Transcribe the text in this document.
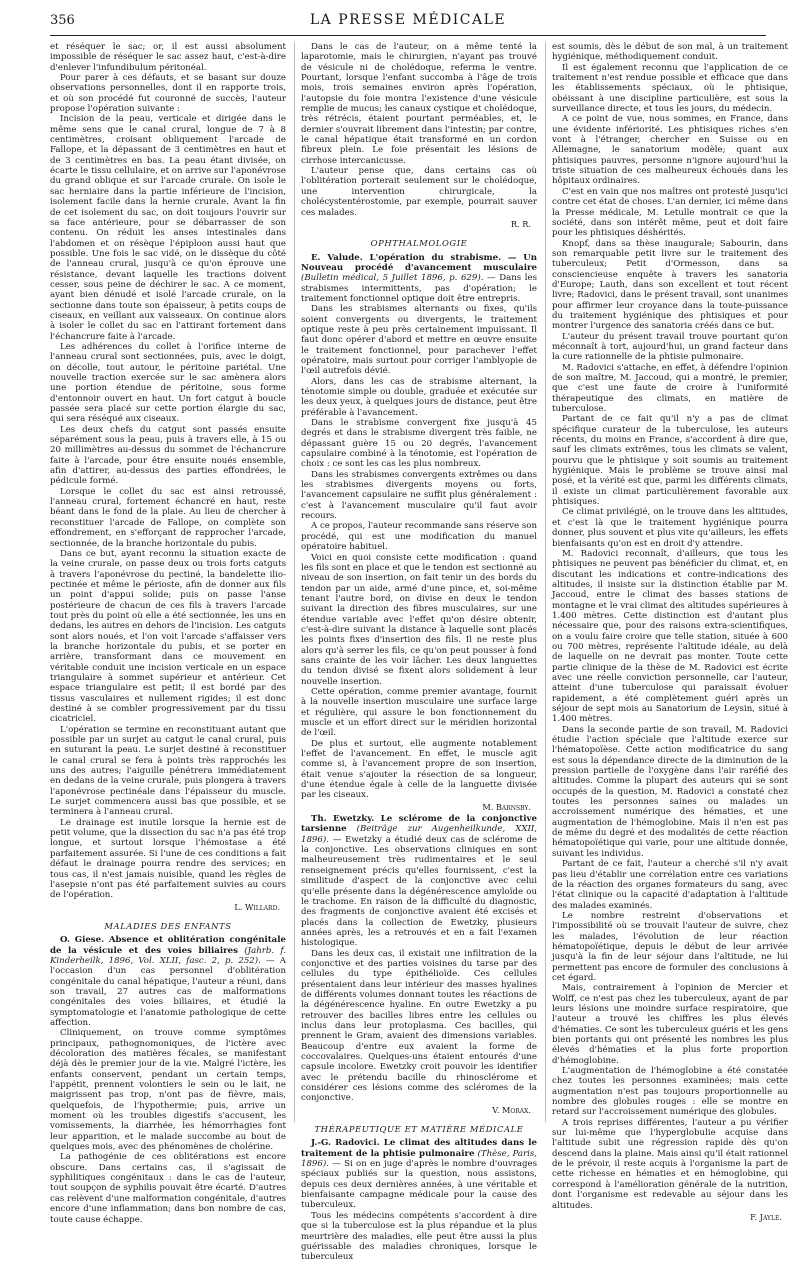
356	LA PRESSE MÉDICALE

et réséquer le sac; or, il est aussi absolument impossible de réséquer le sac assez haut, c'est-à-dire d'enlever l'infundibulum péritonéal.

Pour parer à ces défauts, et se basant sur douze observations personnelles, dont il en rapporte trois, et où son procédé fut couronné de succès, l'auteur propose l'opération suivante :

Incision de la peau, verticale et dirigée dans le même sens que le canal crural, longue de 7 à 8 centimètres, croisant obliquement l'arcade de Fallope, et la dépassant de 3 centimètres en haut et de 3 centimètres en bas. La peau étant divisée, on écarte le tissu cellulaire, et on arrive sur l'aponévrose du grand oblique et sur l'arcade crurale. On isole le sac herniaire dans la partie inférieure de l'incision, isolement facile dans la hernie crurale. Avant la fin de cet isolement du sac, on doit toujours l'ouvrir sur sa face antérieure, pour se débarrasser de son contenu. On réduit les anses intestinales dans l'abdomen et on résèque l'épiploon aussi haut que possible. Une fois le sac vidé, on le dissèque du côté de l'anneau crural, jusqu'à ce qu'on éprouve une résistance, devant laquelle les tractions doivent cesser, sous peine de déchirer le sac. A ce moment, ayant bien dénudé et isolé l'arcade crurale, on la sectionne dans toute son épaisseur, à petits coups de ciseaux, en veillant aux vaisseaux. On continue alors à isoler le collet du sac en l'attirant fortement dans l'échancrure faite à l'arcade.

Les adhérences du collet à l'orifice interne de l'anneau crural sont sectionnées, puis, avec le doigt, on décolle, tout autour, le péritoine pariétal. Une nouvelle traction exercée sur le sac amènera alors une portion étendue de péritoine, sous forme d'entonnoir ouvert en haut. Un fort catgut à boucle passée sera placé sur cette portion élargie du sac, qui sera réséqué aux ciseaux.

Les deux chefs du catgut sont passés ensuite séparément sous la peau, puis à travers elle, à 15 ou 20 millimètres au-dessus du sommet de l'échancrure faite à l'arcade, pour être ensuite noués ensemble, afin d'attirer, au-dessus des parties effondrées, le pédicule formé.

Lorsque le collet du sac est ainsi retroussé, l'anneau crural, fortement échancré en haut, reste béant dans le fond de la plaie. Au lieu de chercher à reconstituer l'arcade de Fallope, on complète son effondrement, en s'efforçant de rapprocher l'arcade, sectionnée, de la branche horizontale du pubis.

Dans ce but, ayant reconnu la situation exacte de la veine crurale, on passe deux ou trois forts catguts à travers l'aponévrose du pectiné, la bandelette ilio-pectinée et même le périoste, afin de donner aux fils un point d'appui solide; puis on passe l'anse postérieure de chacun de ces fils à travers l'arcade tout près du point où elle a été sectionnée, les uns en dedans, les autres en dehors de l'incision. Les catguts sont alors noués, et l'on voit l'arcade s'affaisser vers la branche horizontale du pubis, et se porter en arrière, transformant dans ce mouvement en véritable conduit une incision verticale en un espace triangulaire à sommet supérieur et antérieur. Cet espace triangulaire est petit; il est bordé par des tissus vasculaires et nullement rigides; il est donc destiné à se combler progressivement par du tissu cicatriciel.

L'opération se termine en reconstituant autant que possible par un surjet au catgut le canal crural, puis en suturant la peau. Le surjet destiné à reconstituer le canal crural se fera à points très rapprochés les uns des autres; l'aiguille pénétrera immédiatement en dedans de la veine crurale, puis plongera à travers l'aponévrose pectinéale dans l'épaisseur du muscle. Le surjet commencera aussi bas que possible, et se terminera à l'anneau crural.

Le drainage est inutile lorsque la hernie est de petit volume, que la dissection du sac n'a pas été trop longue, et surtout lorsque l'hémostase a été parfaitement assurée. Si l'une de ces conditions a fait défaut le drainage pourra rendre des services; en tous cas, il n'est jamais nuisible, quand les règles de l'asepsie n'ont pas été parfaitement suivies au cours de l'opération.

L. Willard.
MALADIES DES ENFANTS

O. Giese. Absence et oblitération congénitale de la vésicule et des voies biliaires (Jahrb. f. Kinderheilk, 1896, Vol. XLII, fasc. 2, p. 252). — A l'occasion d'un cas personnel d'oblitération congénitale du canal hépatique, l'auteur a réuni, dans son travail, 27 autres cas de malformations congénitales des voies biliaires, et étudié la symptomatologie et l'anatomie pathologique de cette affection.

Cliniquement, on trouve comme symptômes principaux, pathognomoniques, de l'ictère avec décoloration des matières fécales, se manifestant déjà dès le premier jour de la vie. Malgré l'ictère, les enfants conservent, pendant un certain temps, l'appétit, prennent volontiers le sein ou le lait, ne maigrissent pas trop, n'ont pas de fièvre, mais, quelquefois, de l'hypothermie; puis, arrive un moment où les troubles digestifs s'accusent, les vomissements, la diarrhée, les hémorrhagies font leur apparition, et le malade succombe au bout de quelques mois, avec des phénomènes de cholérine.

La pathogénie de ces oblitérations est encore obscure. Dans certains cas, il s'agissait de syphilitiques congénitaux : dans le cas de l'auteur, tout soupçon de syphilis pouvait être écarté. D'autres cas relèvent d'une malformation congénitale, d'autres encore d'une inflammation; dans bon nombre de cas, toute cause échappe.

Dans le cas de l'auteur, on a même tenté la laparotomie, mais le chirurgien, n'ayant pas trouvé de vésicule ni de cholédoque, referma le ventre. Pourtant, lorsque l'enfant succomba à l'âge de trois mois, trois semaines environ après l'opération, l'autopsie du foie montra l'existence d'une vésicule remplie de mucus; les canaux cystique et cholédoque, très rétrécis, étaient pourtant perméables, et, le dernier s'ouvrait librement dans l'intestin; par contre, le canal hépatique était transformé en un cordon fibreux plein. Le foie présentait les lésions de cirrhose intercanicusse.

L'auteur pense que, dans certains cas où l'oblitération porterait seulement sur le cholédoque, une intervention chirurgicale, la cholécystentérostomie, par exemple, pourrait sauver ces malades.

R. R.
OPHTHALMOLOGIE

E. Valude. L'opération du strabisme. — Un Nouveau procédé d'avancement musculaire (Bulletin médical, 5 Juillet 1896, p. 629). — Dans les strabismes intermittents, pas d'opération; le traitement fonctionnel optique doit être entrepris.

Dans les strabismes alternants ou fixes, qu'ils soient convergents ou divergents, le traitement optique reste à peu près certainement impuissant. Il faut donc opérer d'abord et mettre en œuvre ensuite le traitement fonctionnel, pour parachever l'effet opératoire, mais surtout pour corriger l'amblyopie de l'œil autrefois dévié.

Alors, dans les cas de strabisme alternant, la ténotomie simple ou double, graduée et exécutée sur les deux yeux, à quelques jours de distance, peut être préférable à l'avancement.

Dans le strabisme convergent fixe jusqu'à 45 degrés et dans le strabisme divergent très faible, ne dépassant guère 15 ou 20 degrés, l'avancement capsulaire combiné à la ténotomie, est l'opération de choix : ce sont les cas les plus nombreux.

Dans les strabismes convergents extrêmes ou dans les strabismes divergents moyens ou forts, l'avancement capsulaire ne suffit plus généralement : c'est à l'avancement musculaire qu'il faut avoir recours.

A ce propos, l'auteur recommande sans réserve son procédé, qui est une modification du manuel opératoire habituel.

Voici en quoi consiste cette modification : quand les fils sont en place et que le tendon est sectionné au niveau de son insertion, on fait tenir un des bords du tendon par un aide, armé d'une pince, et, soi-même tenant l'autre bord, on divise en deux le tendon suivant la direction des fibres musculaires, sur une étendue variable avec l'effet qu'on désire obtenir, c'est-à-dire suivant la distance à laquelle sont placés les points fixes d'insertion des fils. Il ne reste plus alors qu'à serrer les fils, ce qu'on peut pousser à fond sans crainte de les voir lâcher. Les deux languettes du tendon divisé se fixent alors solidement à leur nouvelle insertion.

Cette opération, comme premier avantage, fournit à la nouvelle insertion musculaire une surface large et régulière, qui assure le bon fonctionnement du muscle et un effort direct sur le méridien horizontal de l'œil.

De plus et surtout, elle augmente notablement l'effet de l'avancement. En effet, le muscle agit comme si, à l'avancement propre de son insertion, était venue s'ajouter la résection de sa longueur, d'une étendue égale à celle de la languette divisée par les ciseaux.

M. Barnsby.

Th. Ewetzky. Le sclérome de la conjonctive tarsienne (Beiträge zur Augenheilkunde, XXII, 1896). — Ewetzky a étudié deux cas de sclérome de la conjonctive. Les observations cliniques en sont malheureusement très rudimentaires et le seul renseignement précis qu'elles fournissent, c'est la similitude d'aspect de la conjonctive avec celui qu'elle présente dans la dégénérescence amyloïde ou le trachome. En raison de la difficulté du diagnostic, des fragments de conjonctive avaient été excisés et placés dans la collection de Ewetzky, plusieurs années après, les a retrouvés et en a fait l'examen histologique.

Dans les deux cas, il existait une infiltration de la conjonctive et des parties voisines du tarse par des cellules du type épithélioïde. Ces cellules présentaient dans leur intérieur des masses hyalines de différents volumes donnant toutes les réactions de la dégénérescence hyaline. En outre Ewetzky a pu retrouver des bacilles libres entre les cellules ou inclus dans leur protoplasma. Ces bacilles, qui prennent le Gram, avaient des dimensions variables. Beaucoup d'entre eux avaient la forme de coccovalaires. Quelques-uns étaient entourés d'une capsule incolore. Ewetzky croit pouvoir les identifier avec le prétendu bacille du rhinosclérome et considérer ces lésions comme des scléromes de la conjonctive.

V. Morax.
THÉRAPEUTIQUE ET MATIÈRE MÉDICALE

J.-G. Radovici. Le climat des altitudes dans le traitement de la phtisie pulmonaire (Thèse, Paris, 1896). — Si on en juge d'après le nombre d'ouvrages spéciaux publiés sur la question, nous assistons, depuis ces deux dernières années, à une véritable et bienfaisante campagne médicale pour la cause des tuberculeux.

Tous les médecins compétents s'accordent à dire que si la tuberculose est la plus répandue et la plus meurtrière des maladies, elle peut être aussi la plus guérissable des maladies chroniques, lorsque le tuberculeux

est soumis, dès le début de son mal, à un traitement hygiénique, méthodiquement conduit.

Il est également reconnu que l'application de ce traitement n'est rendue possible et efficace que dans les établissements spéciaux, où le phtisique, obéissant à une discipline particulière, est sous la surveillance directe, et tous les jours, du médecin.

A ce point de vue, nous sommes, en France, dans une évidente infériorité. Les phtisiques riches s'en vont à l'étranger, chercher en Suisse ou en Allemagne, le sanatorium modèle; quant aux phtisiques pauvres, personne n'ignore aujourd'hui la triste situation de ces malheureux échoués dans les hôpitaux ordinaires.

C'est en vain que nos maîtres ont protesté jusqu'ici contre cet état de choses. L'an dernier, ici même dans la Presse médicale, M. Letulle montrait ce que la société, dans son intérêt même, peut et doit faire pour les phtisiques déshérités.

Knopf, dans sa thèse inaugurale; Sabourin, dans son remarquable petit livre sur le traitement des tuberculeux; Petit d'Ormesson, dans sa consciencieuse enquête à travers les sanatoria d'Europe; Lauth, dans son excellent et tout récent livre; Radovici, dans le présent travail, sont unanimes pour affirmer leur croyance dans la toute-puissance du traitement hygiénique des phtisiques et pour montrer l'urgence des sanatoria créés dans ce but.

L'auteur du présent travail trouve pourtant qu'on méconnaît à tort, aujourd'hui, un grand facteur dans la cure rationnelle de la phtisie pulmonaire.

M. Radovici s'attache, en effet, à défendre l'opinion de son maître, M. Jaccoud, qui a montré, le premier, que c'est une faute de croire à l'uniformité thérapeutique des climats, en matière de tuberculose.

Partant de ce fait qu'il n'y a pas de climat spécifique curateur de la tuberculose, les auteurs récents, du moins en France, s'accordent à dire que, sauf les climats extrêmes, tous les climats se valent, pourvu que le phtisique y soit soumis au traitement hygiénique. Mais le problème se trouve ainsi mal posé, et la vérité est que, parmi les différents climats, il existe un climat particulièrement favorable aux phtisiques.

Ce climat privilégié, on le trouve dans les altitudes, et c'est là que le traitement hygiénique pourra donner, plus souvent et plus vite qu'ailleurs, les effets bienfaisants qu'on est en droit d'y attendre.

M. Radovici reconnaît, d'ailleurs, que tous les phtisiques ne peuvent pas bénéficier du climat, et, en discutant les indications et contre-indications des altitudes, il insiste sur la distinction établie par M. Jaccoud, entre le climat des basses stations de montagne et le vrai climat des altitudes supérieures à 1.400 mètres. Cette distinction est d'autant plus nécessaire que, pour des raisons extra-scientifiques, on a voulu faire croire que telle station, située à 600 ou 700 mètres, représente l'altitude idéale, au delà de laquelle on ne devrait pas monter. Toute cette partie clinique de la thèse de M. Radovici est écrite avec une réelle conviction personnelle, car l'auteur, atteint d'une tuberculose qui paraissait évoluer rapidement, a été complètement guéri après un séjour de sept mois au Sanatorium de Leysin, situé à 1.400 mètres.

Dans la seconde partie de son travail, M. Radovici étudie l'action spéciale que l'altitude exerce sur l'hématopoïèse. Cette action modificatrice du sang est sous la dépendance directe de la diminution de la pression partielle de l'oxygène dans l'air raréfié des altitudes. Comme la plupart des auteurs qui se sont occupés de la question, M. Radovici a constaté chez toutes les personnes saines ou malades un accroissement numérique des hématies, et une augmentation de l'hémoglobine. Mais il n'en est pas de même du degré et des modalités de cette réaction hématopoïétique qui varie, pour une altitude donnée, suivant les individus.

Partant de ce fait, l'auteur a cherché s'il n'y avait pas lieu d'établir une corrélation entre ces variations de la réaction des organes formateurs du sang, avec l'état clinique ou la capacité d'adaptation à l'altitude des malades examinés.

Le nombre restreint d'observations et l'impossibilité où se trouvait l'auteur de suivre, chez les malades, l'évolution de leur réaction hématopoïétique, depuis le début de leur arrivée jusqu'à la fin de leur séjour dans l'altitude, ne lui permettent pas encore de formuler des conclusions à cet égard.

Mais, contrairement à l'opinion de Mercier et Wolff, ce n'est pas chez les tuberculeux, ayant de par leurs lésions une moindre surface respiratoire, que l'auteur a trouvé les chiffres les plus élevés d'hématies. Ce sont les tuberculeux guéris et les gens bien portants qui ont présenté les nombres les plus élevés d'hématies et la plus forte proportion d'hémoglobine.

L'augmentation de l'hémoglobine a été constatée chez toutes les personnes examinées; mais cette augmentation n'est pas toujours proportionnelle au nombre des globules rouges : elle se montre en retard sur l'accroissement numérique des globules.

A trois reprises différentes, l'auteur a pu vérifier sur lui-même que l'hyperglobulie acquise dans l'altitude subit une régression rapide dès qu'on descend dans la plaine. Mais ainsi qu'il était rationnel de le prévoir, il reste acquis à l'organisme la part de cette richesse en hématies et en hémoglobine, qui correspond à l'amélioration générale de la nutrition, dont l'organisme est redevable au séjour dans les altitudes.

F. Jayle.
